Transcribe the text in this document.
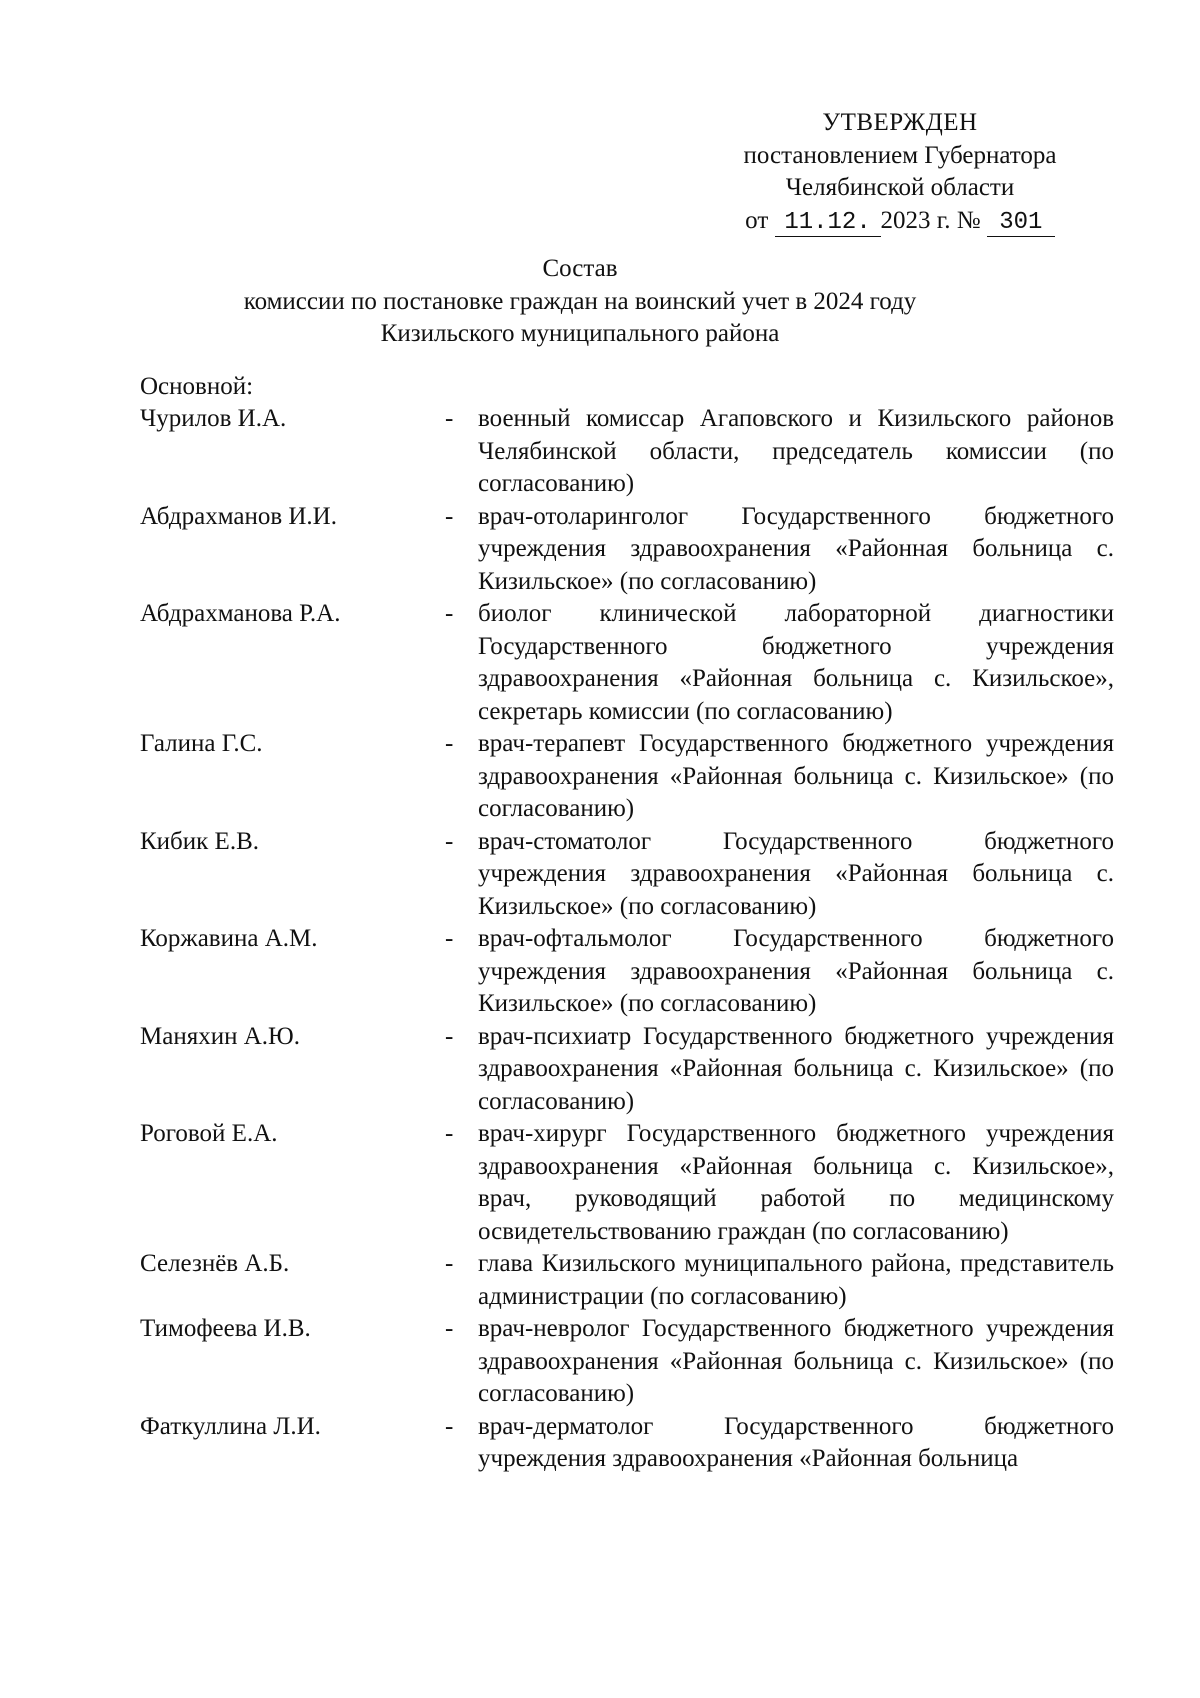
УТВЕРЖДЕН
постановлением Губернатора
Челябинской области
от 11.12. 2023 г. № 301
Состав
комиссии по постановке граждан на воинский учет в 2024 году
Кизильского муниципального района
Основной:
Чурилов И.А.	- военный комиссар Агаповского и Кизильского районов Челябинской области, председатель комиссии (по согласованию)
Абдрахманов И.И.	- врач-отоларинголог Государственного бюджетного учреждения здравоохранения «Районная больница с. Кизильское» (по согласованию)
Абдрахманова Р.А.	- биолог клинической лабораторной диагностики Государственного бюджетного учреждения здравоохранения «Районная больница с. Кизильское», секретарь комиссии (по согласованию)
Галина Г.С.	- врач-терапевт Государственного бюджетного учреждения здравоохранения «Районная больница с. Кизильское» (по согласованию)
Кибик Е.В.	- врач-стоматолог Государственного бюджетного учреждения здравоохранения «Районная больница с. Кизильское» (по согласованию)
Коржавина А.М.	- врач-офтальмолог Государственного бюджетного учреждения здравоохранения «Районная больница с. Кизильское» (по согласованию)
Маняхин А.Ю.	- врач-психиатр Государственного бюджетного учреждения здравоохранения «Районная больница с. Кизильское» (по согласованию)
Роговой Е.А.	- врач-хирург Государственного бюджетного учреждения здравоохранения «Районная больница с. Кизильское», врач, руководящий работой по медицинскому освидетельствованию граждан (по согласованию)
Селезнёв А.Б.	- глава Кизильского муниципального района, представитель администрации (по согласованию)
Тимофеева И.В.	- врач-невролог Государственного бюджетного учреждения здравоохранения «Районная больница с. Кизильское» (по согласованию)
Фаткуллина Л.И.	- врач-дерматолог Государственного бюджетного учреждения здравоохранения «Районная больница
